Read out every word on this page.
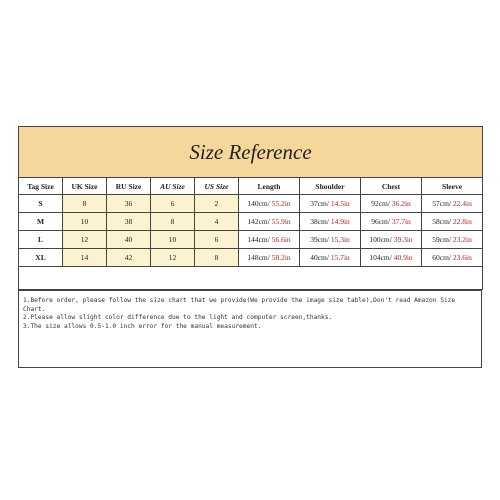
Size Reference								
Tag Size	UK Size	RU Size	AU Size	US Size	Length	Shoulder	Chest	Sleeve
S	8	36	6	2	140cm/ 55.2in	37cm/ 14.5in	92cm/ 36.2in	57cm/ 22.4in
M	10	38	8	4	142cm/ 55.9in	38cm/ 14.9in	96cm/ 37.7in	58cm/ 22.8in
L	12	40	10	6	144cm/ 56.6in	39cm/ 15.3in	100cm/ 39.3in	59cm/ 23.2in
XL	14	42	12	8	148cm/ 58.2in	40cm/ 15.7in	104cm/ 40.9in	60cm/ 23.6in

1.Before order, please follow the size chart that we provide(We provide the image size table),Don't read Amazon Size Chart.

2.Please allow slight color difference due to the light and computer screen,thanks.

3.The size allows 0.5-1.0 inch error for the manual measurement.
